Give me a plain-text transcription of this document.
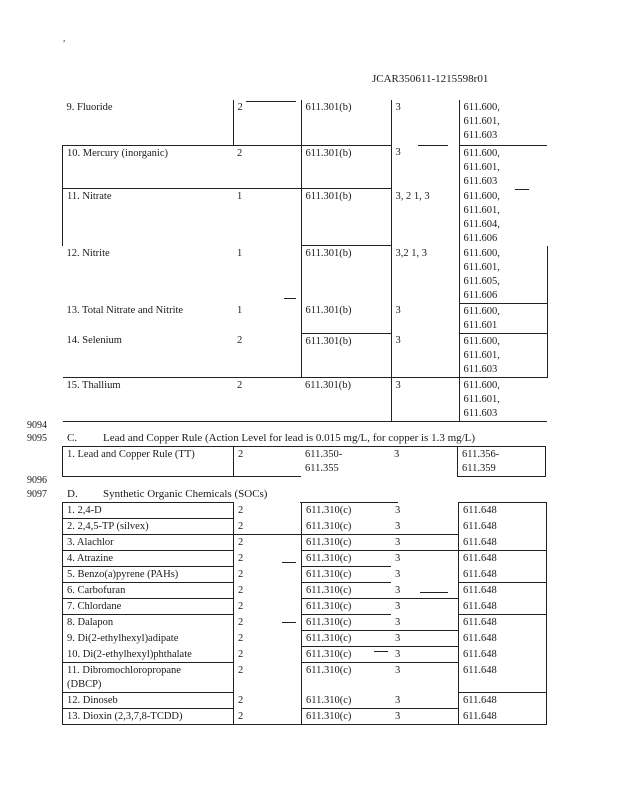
,
JCAR350611-1215598r01
9. Fluoride	2	611.301(b)	3	611.600,
611.601,
611.603
10. Mercury (inorganic)	2	611.301(b)	3	611.600,
611.601,
611.603
11. Nitrate	1	611.301(b)	3, 2 1, 3	611.600,
611.601,
611.604,
611.606
12. Nitrite	1	611.301(b)	3,2 1, 3	611.600,
611.601,
611.605,
611.606
13. Total Nitrate and Nitrite	1	611.301(b)	3	611.600,
611.601
14. Selenium	2	611.301(b)	3	611.600,
611.601,
611.603
15. Thallium	2	611.301(b)	3	611.600,
611.601,
611.603
9094
9095
9096
9097
C. Lead and Copper Rule (Action Level for lead is 0.015 mg/L, for copper is 1.3 mg/L)
1. Lead and Copper Rule (TT)	2	611.350-
611.355	3	611.356-
611.359
D. Synthetic Organic Chemicals (SOCs)
1. 2,4-D	2	611.310(c)	3	611.648
2. 2,4,5-TP (silvex)	2	611.310(c)	3	611.648
3. Alachlor	2	611.310(c)	3	611.648
4. Atrazine	2	611.310(c)	3	611.648
5. Benzo(a)pyrene (PAHs)	2	611.310(c)	3	611.648
6. Carbofuran	2	611.310(c)	3	611.648
7. Chlordane	2	611.310(c)	3	611.648
8. Dalapon	2	611.310(c)	3	611.648
9. Di(2-ethylhexyl)adipate	2	611.310(c)	3	611.648
10. Di(2-ethylhexyl)phthalate	2	611.310(c)	3	611.648
11. Dibromochloropropane
(DBCP)	2	611.310(c)	3	611.648
12. Dinoseb	2	611.310(c)	3	611.648
13. Dioxin (2,3,7,8-TCDD)	2	611.310(c)	3	611.648
